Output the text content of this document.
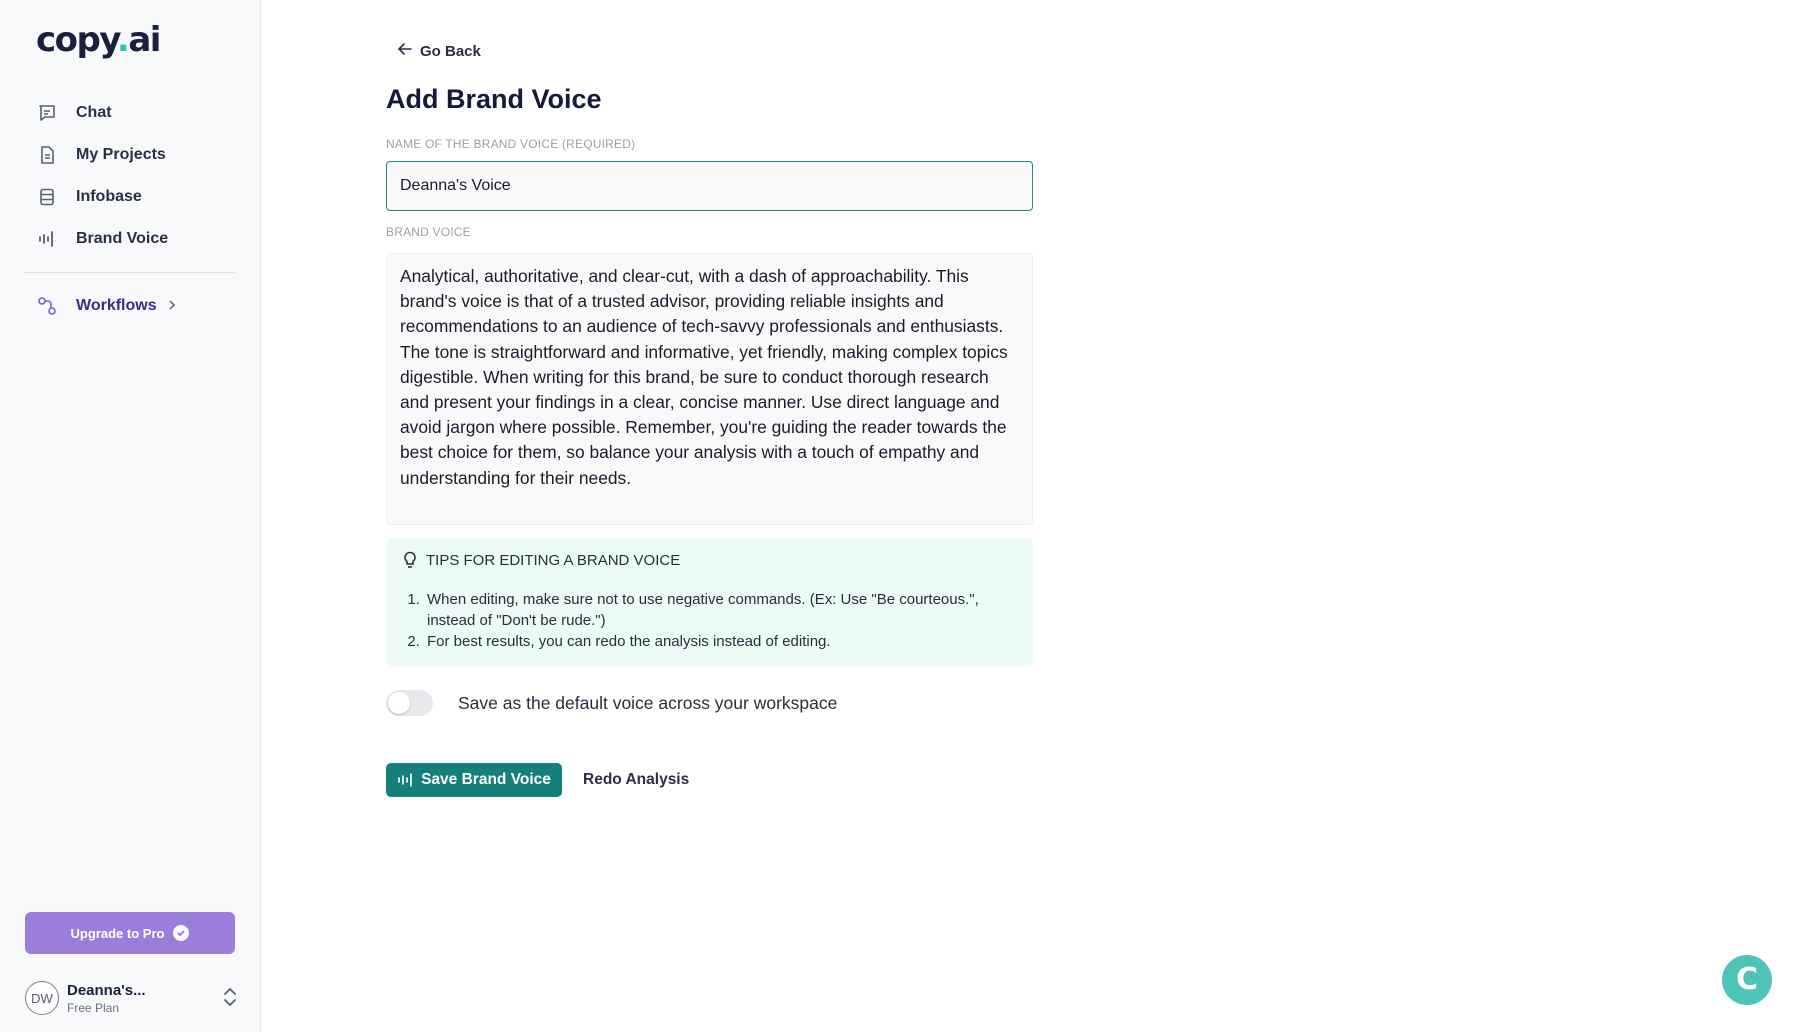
copy.ai
Chat
My Projects
Infobase
Brand Voice
Workflows
Upgrade to Pro
DW Deanna's...
Free Plan
Go Back
Add Brand Voice
NAME OF THE BRAND VOICE (REQUIRED)
Deanna's Voice
BRAND VOICE
Analytical, authoritative, and clear-cut, with a dash of approachability. This brand's voice is that of a trusted advisor, providing reliable insights and recommendations to an audience of tech-savvy professionals and enthusiasts. The tone is straightforward and informative, yet friendly, making complex topics digestible. When writing for this brand, be sure to conduct thorough research and present your findings in a clear, concise manner. Use direct language and avoid jargon where possible. Remember, you're guiding the reader towards the best choice for them, so balance your analysis with a touch of empathy and understanding for their needs.
TIPS FOR EDITING A BRAND VOICE
1. When editing, make sure not to use negative commands. (Ex: Use "Be courteous.", instead of "Don't be rude.")
2. For best results, you can redo the analysis instead of editing.
Save as the default voice across your workspace
Save Brand Voice Redo Analysis
C
